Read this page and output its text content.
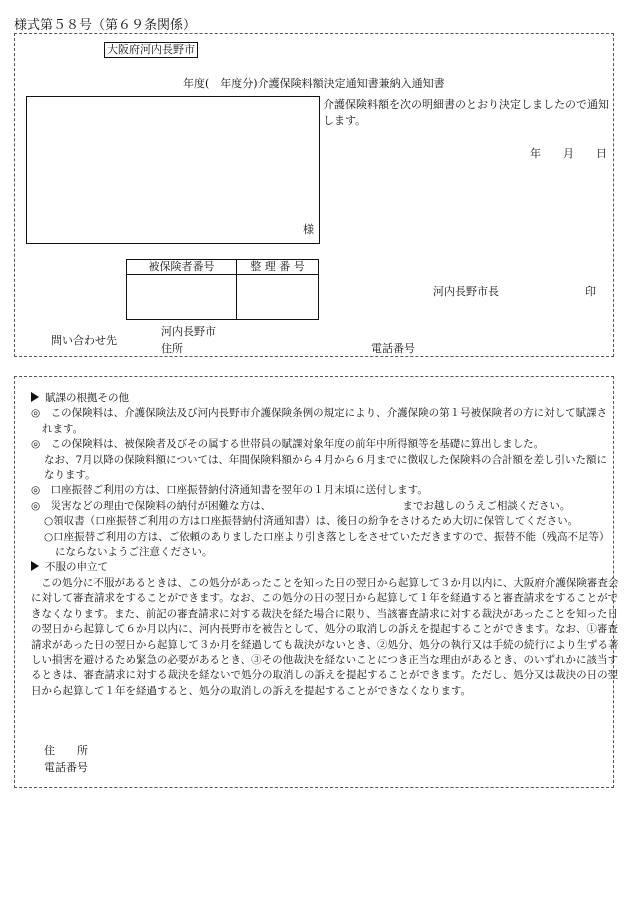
様式第５８号（第６９条関係）
大阪府河内長野市
年度(　年度分)介護保険料額決定通知書兼納入通知書
様
介護保険料額を次の明細書のとおり決定しましたので通知します。
年 月 日
被保険者番号	整 理 番 号

河内長野市長	印
問い合わせ先
河内長野市
住所	電話番号

賦課の根拠その他

◎　この保険料は、介護保険法及び河内長野市介護保険条例の規定により、介護保険の第１号被保険者の方に対して賦課されます。

◎　この保険料は、被保険者及びその属する世帯員の賦課対象年度の前年中所得額等を基礎に算出しました。

なお、7月以降の保険料額については、年間保険料額から４月から６月までに徴収した保険料の合計額を差し引いた額になります。

◎　口座振替ご利用の方は、口座振替納付済通知書を翌年の１月末頃に送付します。

◎　災害などの理由で保険料の納付が困難な方は、　　　　　　　　　　　　　までお越しのうえご相談ください。

○領収書（口座振替ご利用の方は口座振替納付済通知書）は、後日の紛争をさけるため大切に保管してください。

○口座振替ご利用の方は、ご依頼のありました口座より引き落としをさせていただきますので、振替不能（残高不足等）にならないようご注意ください。

不服の申立て

この処分に不服があるときは、この処分があったことを知った日の翌日から起算して３か月以内に、大阪府介護保険審査会に対して審査請求をすることができます。なお、この処分の日の翌日から起算して１年を経過すると審査請求をすることができなくなります。また、前記の審査請求に対する裁決を経た場合に限り、当該審査請求に対する裁決があったことを知った日の翌日から起算して６か月以内に、河内長野市を被告として、処分の取消しの訴えを提起することができます。なお、①審査請求があった日の翌日から起算して３か月を経過しても裁決がないとき、②処分、処分の執行又は手続の続行により生ずる著しい損害を避けるため緊急の必要があるとき、③その他裁決を経ないことにつき正当な理由があるとき、のいずれかに該当するときは、審査請求に対する裁決を経ないで処分の取消しの訴えを提起することができます。ただし、処分又は裁決の日の翌日から起算して１年を経過すると、処分の取消しの訴えを提起することができなくなります。

住　　所
電話番号
